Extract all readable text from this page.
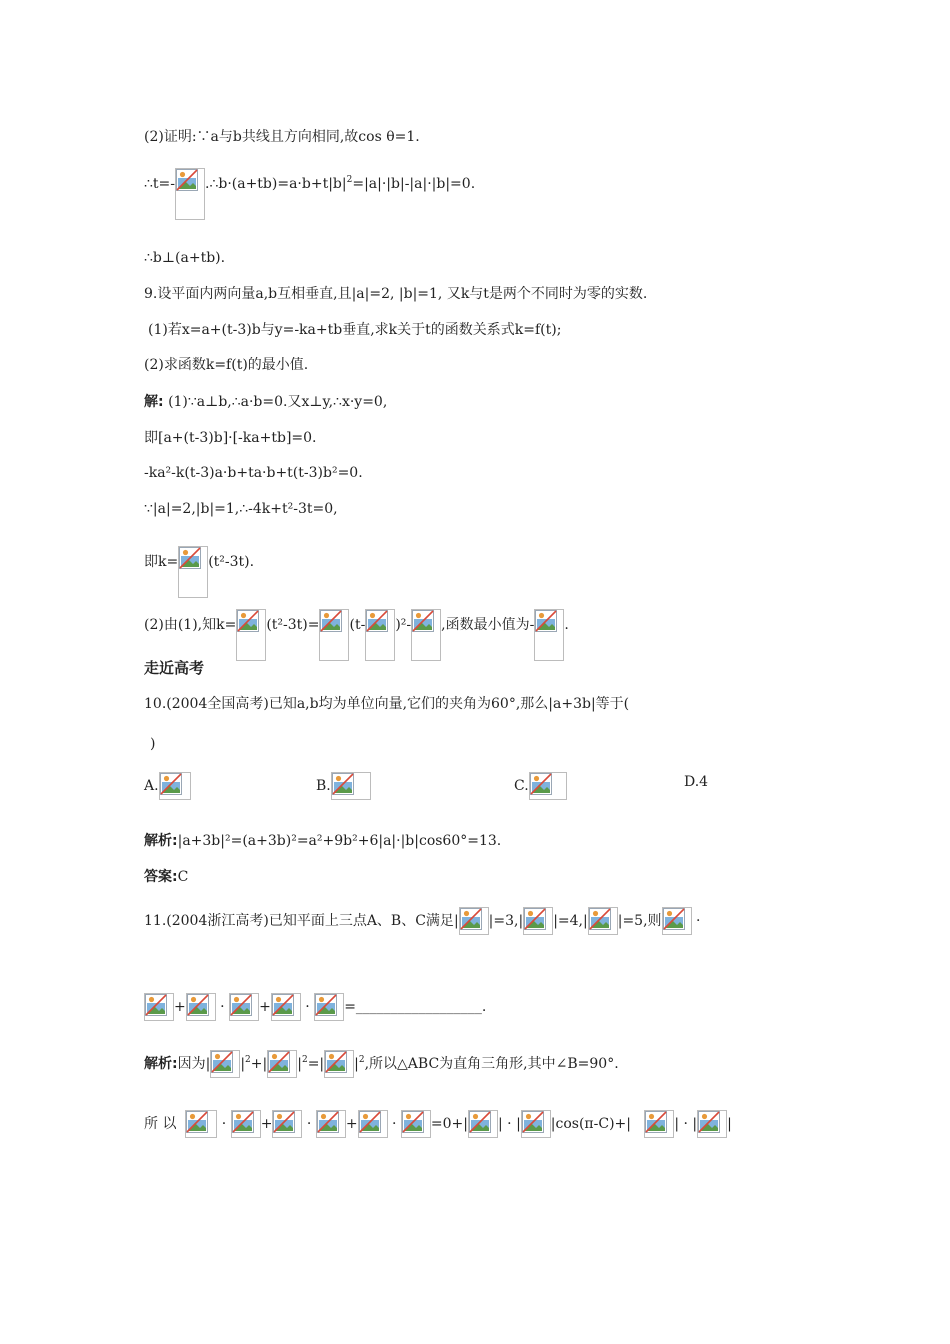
(2)证明:∵a与b共线且方向相同,故cos θ=1.
∴t=- $.\therefore b\cdot(a+tb)=a\cdot b+t|b|^2=|a|\cdot|b|-|a|\cdot|b|=0$.
∴b⊥(a+tb).
9.设平面内两向量a,b互相垂直,且|a|=2, |b|=1, 又k与t是两个不同时为零的实数.
(1)若x=a+(t-3)b与y=-ka+tb垂直,求k关于t的函数关系式k=f(t);
(2)求函数k=f(t)的最小值.
解: (1)∵a⊥b,∴a·b=0.又x⊥y,∴x·y=0,
即[a+(t-3)b]·[-ka+tb]=0.
-ka²-k(t-3)a·b+ta·b+t(t-3)b²=0.
∵|a|=2,|b|=1,∴-4k+t²-3t=0,
即k= (t²-3t).
(2)由(1),知k= (t²-3t)= (t- )²- ,函数最小值为- .
走近高考
10.(2004全国高考)已知a,b均为单位向量,它们的夹角为60°,那么|a+3b|等于(
)
A.	B.	C.	D.4
解析:|a+3b|²=(a+3b)²=a²+9b²+6|a|·|b|cos60°=13.
答案:C
11.(2004浙江高考)已知平面上三点A、B、C满足| |=3,| |=4,| |=5,则
·
+
·
+
·
=__________________.
解析:因为| $|^2+|$ $|^2=|$ $|^2$,所以△ABC为直角三角形,其中∠B=90°.
所 以	·
+
·
+
·
=0+| | · | |cos(π-C)+|
| · | |
